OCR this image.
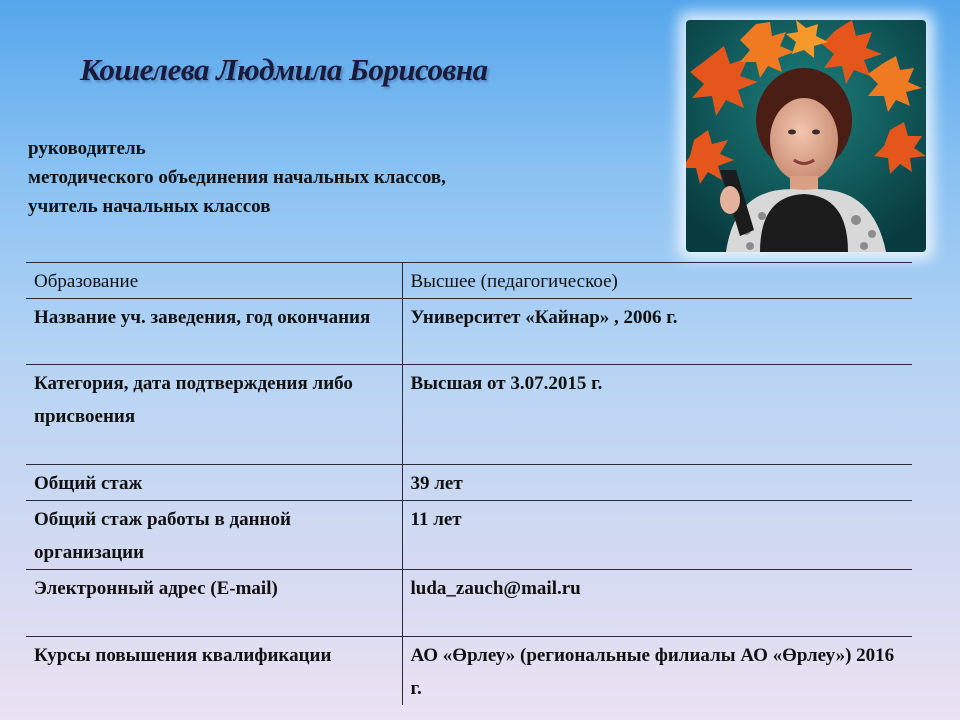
Кошелева Людмила Борисовна
руководитель
методического объединения начальных классов,
учитель начальных классов
Образование	Высшее (педагогическое)
Название уч. заведения, год окончания	Университет «Кайнар» , 2006 г.
Категория, дата подтверждения либо присвоения	Высшая от 3.07.2015 г.
Общий стаж	39 лет
Общий стаж работы в данной организации	11 лет
Электронный адрес (E-mail)	luda_zauch@mail.ru
Курсы повышения квалификации	АО «Өрлеу» (региональные филиалы АО «Өрлеу») 2016 г.
